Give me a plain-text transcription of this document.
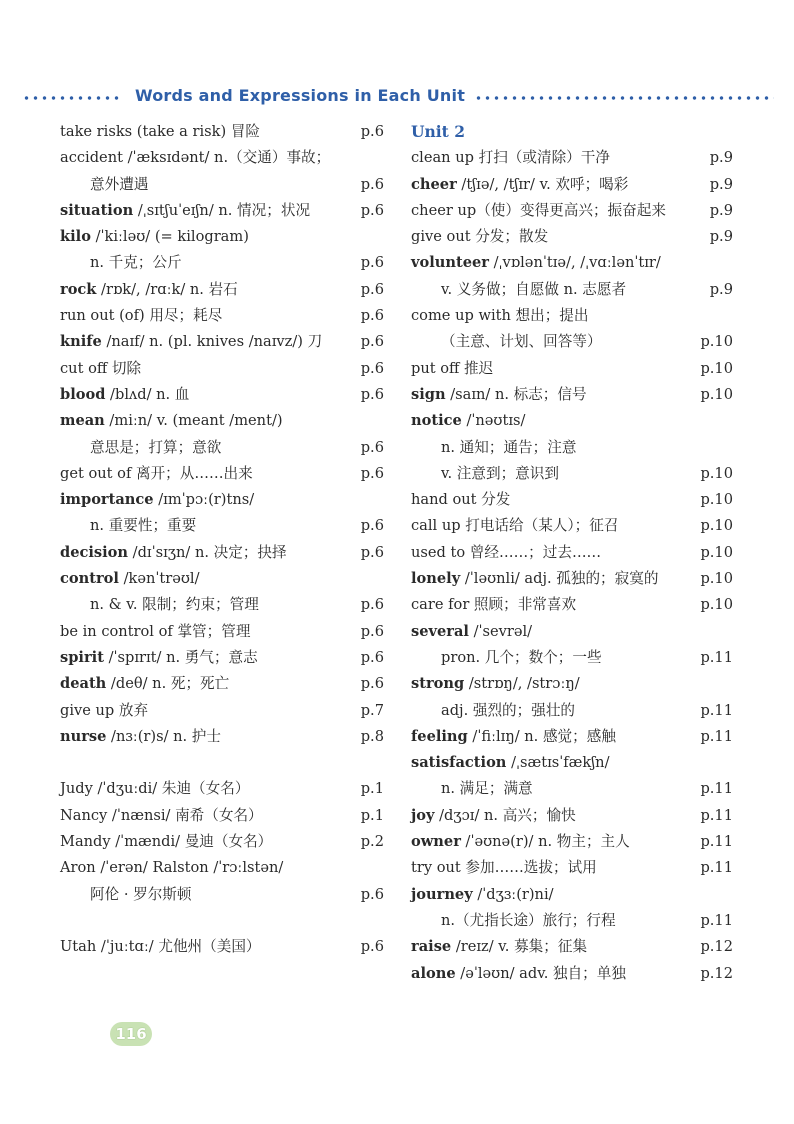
Words and Expressions in Each Unit
take risks (take a risk) 冒险	p.6
accident /ˈæksɪdənt/ n.（交通）事故；
意外遭遇	p.6
situation /ˌsɪtʃuˈeɪʃn/ n. 情况；状况	p.6
kilo /ˈkiːləʊ/ (= kilogram)
n. 千克；公斤	p.6
rock /rɒk/, /rɑːk/ n. 岩石	p.6
run out (of) 用尽；耗尽	p.6
knife /naɪf/ n. (pl. knives /naɪvz/) 刀	p.6
cut off 切除	p.6
blood /blʌd/ n. 血	p.6
mean /miːn/ v. (meant /ment/)
意思是；打算；意欲	p.6
get out of 离开；从……出来	p.6
importance /ɪmˈpɔː(r)tns/
n. 重要性；重要	p.6
decision /dɪˈsɪʒn/ n. 决定；抉择	p.6
control /kənˈtrəʊl/
n. & v. 限制；约束；管理	p.6
be in control of 掌管；管理	p.6
spirit /ˈspɪrɪt/ n. 勇气；意志	p.6
death /deθ/ n. 死；死亡	p.6
give up 放弃	p.7
nurse /nɜː(r)s/ n. 护士	p.8
Judy /ˈdʒuːdi/ 朱迪（女名）	p.1
Nancy /ˈnænsi/ 南希（女名）	p.1
Mandy /ˈmændi/ 曼迪（女名）	p.2
Aron /ˈerən/ Ralston /ˈrɔːlstən/
阿伦 · 罗尔斯顿	p.6
Utah /ˈjuːtɑː/ 尤他州（美国）	p.6
Unit 2
clean up 打扫（或清除）干净	p.9
cheer /tʃɪə/, /tʃɪr/ v. 欢呼；喝彩	p.9
cheer up（使）变得更高兴；振奋起来	p.9
give out 分发；散发	p.9
volunteer /ˌvɒlənˈtɪə/, /ˌvɑːlənˈtɪr/
v. 义务做；自愿做 n. 志愿者	p.9
come up with 想出；提出
（主意、计划、回答等）	p.10
put off 推迟	p.10
sign /saɪn/ n. 标志；信号	p.10
notice /ˈnəʊtɪs/
n. 通知；通告；注意
v. 注意到；意识到	p.10
hand out 分发	p.10
call up 打电话给（某人）；征召	p.10
used to 曾经……；过去……	p.10
lonely /ˈləʊnli/ adj. 孤独的；寂寞的	p.10
care for 照顾；非常喜欢	p.10
several /ˈsevrəl/
pron. 几个；数个；一些	p.11
strong /strɒŋ/, /strɔːŋ/
adj. 强烈的；强壮的	p.11
feeling /ˈfiːlɪŋ/ n. 感觉；感触	p.11
satisfaction /ˌsætɪsˈfækʃn/
n. 满足；满意	p.11
joy /dʒɔɪ/ n. 高兴；愉快	p.11
owner /ˈəʊnə(r)/ n. 物主；主人	p.11
try out 参加……选拔；试用	p.11
journey /ˈdʒɜː(r)ni/
n.（尤指长途）旅行；行程	p.11
raise /reɪz/ v. 募集；征集	p.12
alone /əˈləʊn/ adv. 独自；单独	p.12
116
